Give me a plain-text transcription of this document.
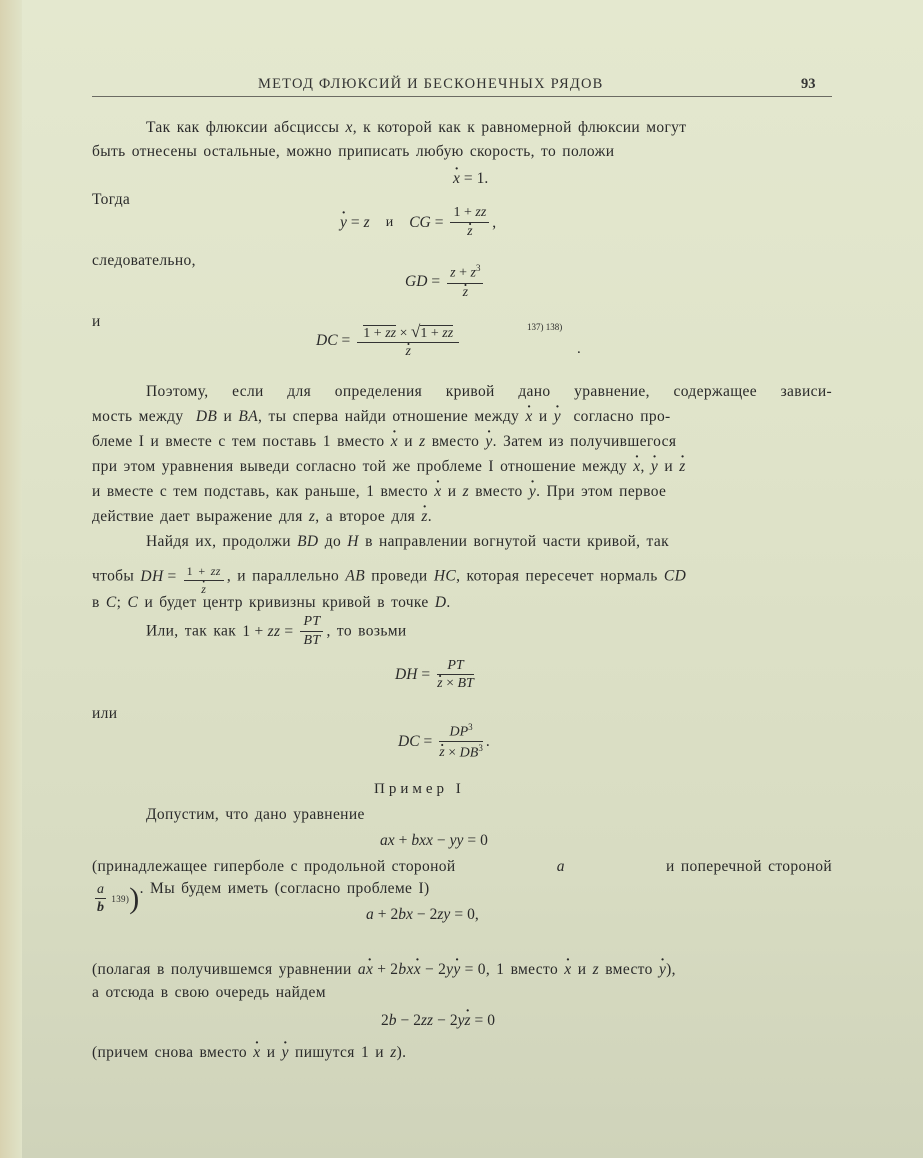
МЕТОД ФЛЮКСИЙ И БЕСКОНЕЧНЫХ РЯДОВ	93
Так как флюксии абсциссы x, к которой как к равномерной флюксии могут
быть отнесены остальные, можно приписать любую скорость, то положи
· x = 1.
Тогда
· y = z и CG = 1 + zz
· z ,
следовательно,
GD = $z + z^3$
· z
и
DC = 1 + zz × √1 + zz
· z	137) 138)
.
Поэтому, если для определения кривой дано уравнение, содержащее зависи-
мость между DB и BA, ты сперва найди отношение между · x и · y согласно про-
блеме I и вместе с тем поставь 1 вместо · x и z вместо · y. Затем из получившегося
при этом уравнения выведи согласно той же проблеме I отношение между · x, · y и · z
и вместе с тем подставь, как раньше, 1 вместо · x и z вместо · y. При этом первое
действие дает выражение для z, а второе для · z.
Найдя их, продолжи BD до H в направлении вогнутой части кривой, так
чтобы DH = 1 + zz
· z , и параллельно AB проведи HC, которая пересечет нормаль CD
в C; C и будет центр кривизны кривой в точке D.
Или, так как 1 + zz = $\frac{PT}{BT}$ , то возьми
DH = PT
· z × BT
или
DC = $DP^3$
· $z \times DB^3$ .
Пример I
Допустим, что дано уравнение
ax + bxx − yy = 0
(принадлежащее гиперболе с продольной стороной	a	и поперечной стороной
$\frac{a}{b} 139$) ) . Мы будем иметь (согласно проблеме I)
a + 2 bx − 2 zy = 0,
(полагая в получившемся уравнении a· x + 2 bx· x − 2 y· y = 0 , 1 вместо · x и z вместо · y),
а отсюда в свою очередь найдем
2 b − 2 zz − 2 y· z = 0
(причем снова вместо · x и · y пишутся 1 и z).
